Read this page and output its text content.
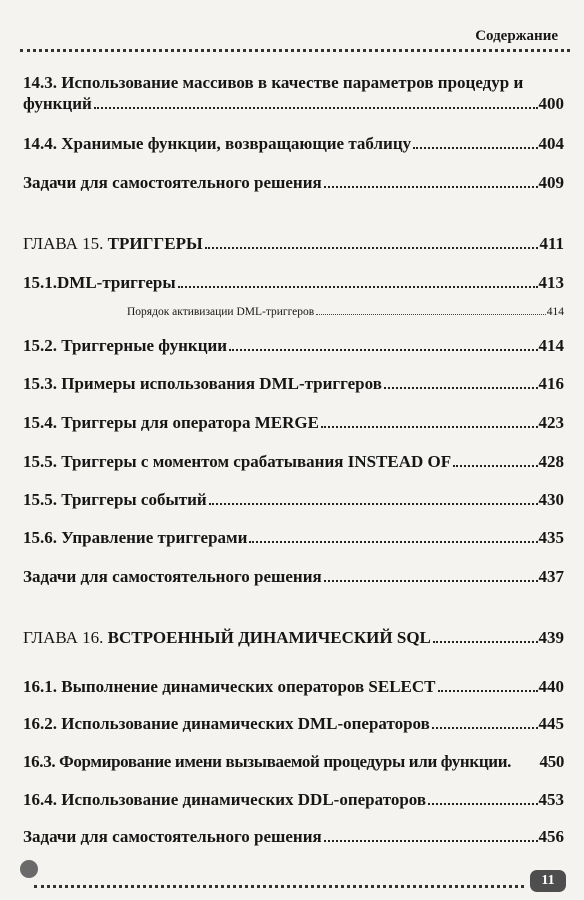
Содержание
14.3. Использование массивов в качестве параметров процедур и
функций	400
14.4. Хранимые функции, возвращающие таблицу	404
Задачи для самостоятельного решения	409
ГЛАВА 15. ТРИГГЕРЫ	411
15.1.DML-триггеры	413
Порядок активизации DML-триггеров	414
15.2. Триггерные функции	414
15.3. Примеры использования DML-триггеров	416
15.4. Триггеры для оператора MERGE	423
15.5. Триггеры с моментом срабатывания INSTEAD OF	428
15.5. Триггеры событий	430
15.6. Управление триггерами	435
Задачи для самостоятельного решения	437
ГЛАВА 16. ВСТРОЕННЫЙ ДИНАМИЧЕСКИЙ SQL	439
16.1. Выполнение динамических операторов SELECT	440
16.2. Использование динамических DML-операторов	445
16.3. Формирование имени вызываемой процедуры или функции. 450
16.4. Использование динамических DDL-операторов	453
Задачи для самостоятельного решения	456
11
